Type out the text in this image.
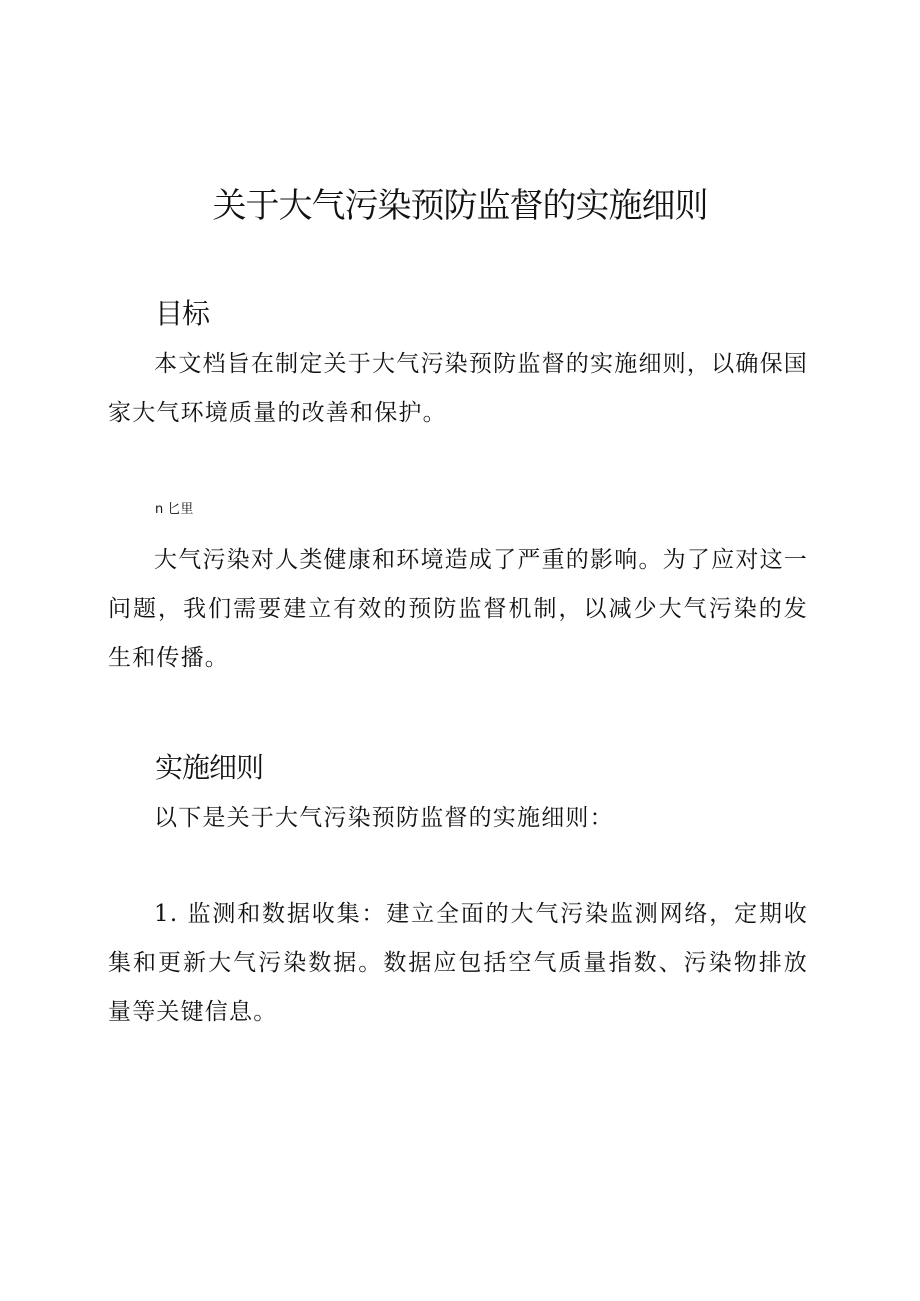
关于大气污染预防监督的实施细则
目标

本文档旨在制定关于大气污染预防监督的实施细则，以确保国家大气环境质量的改善和保护。

n 匕里

大气污染对人类健康和环境造成了严重的影响。为了应对这一问题，我们需要建立有效的预防监督机制，以减少大气污染的发生和传播。

实施细则

以下是关于大气污染预防监督的实施细则：

1. 监测和数据收集：建立全面的大气污染监测网络，定期收集和更新大气污染数据。数据应包括空气质量指数、污染物排放量等关键信息。
